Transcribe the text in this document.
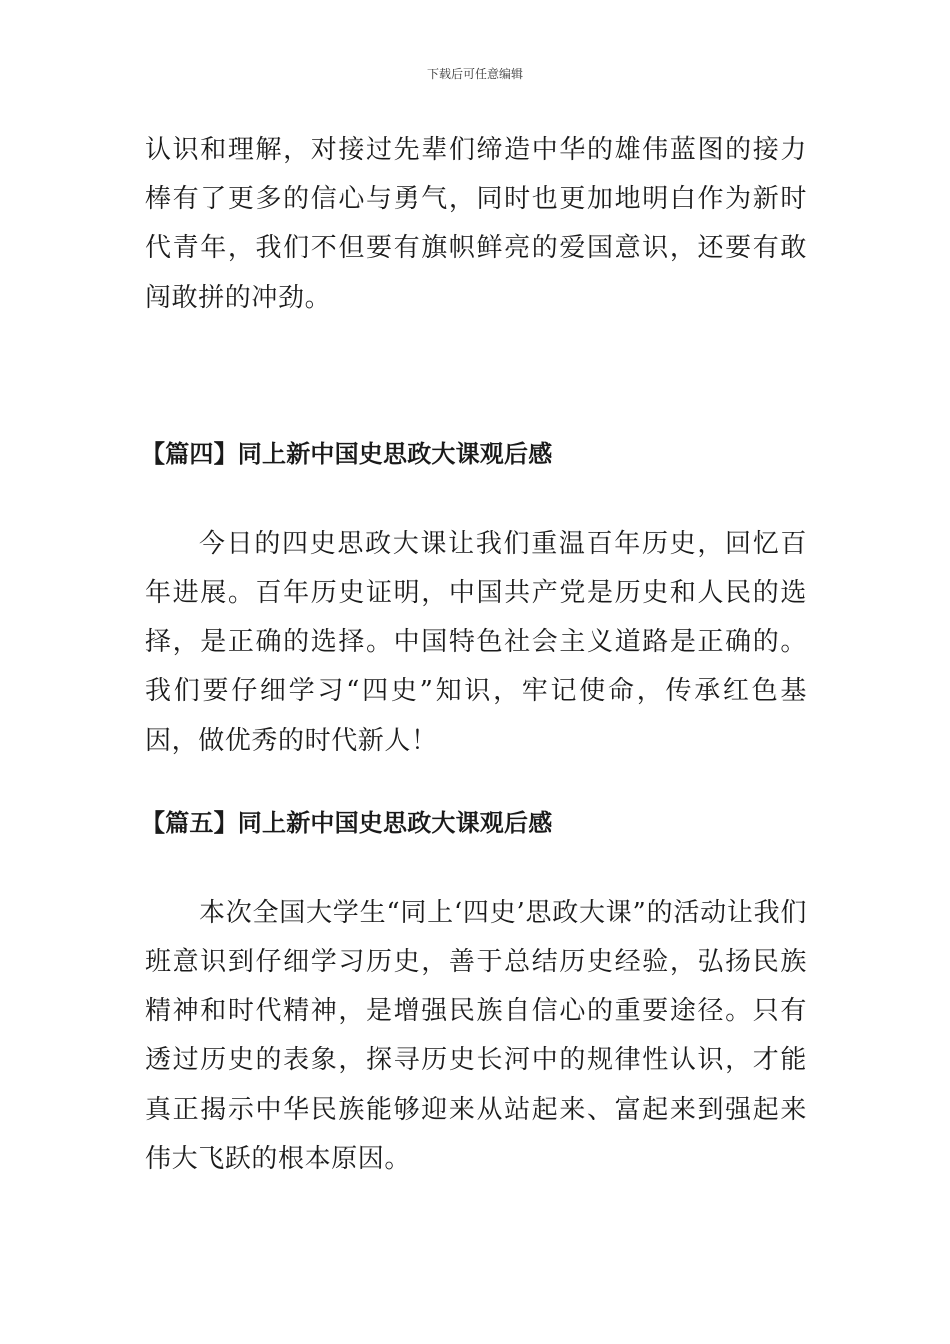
下载后可任意编辑

认识和理解，对接过先辈们缔造中华的雄伟蓝图的接力棒有了更多的信心与勇气，同时也更加地明白作为新时代青年，我们不但要有旗帜鲜亮的爱国意识，还要有敢闯敢拼的冲劲。

【篇四】同上新中国史思政大课观后感

今日的四史思政大课让我们重温百年历史，回忆百年进展。百年历史证明，中国共产党是历史和人民的选择，是正确的选择。中国特色社会主义道路是正确的。我们要仔细学习“四史”知识，牢记使命，传承红色基因，做优秀的时代新人！

【篇五】同上新中国史思政大课观后感

本次全国大学生“同上‘四史’思政大课”的活动让我们班意识到仔细学习历史，善于总结历史经验，弘扬民族精神和时代精神，是增强民族自信心的重要途径。只有透过历史的表象，探寻历史长河中的规律性认识，才能真正揭示中华民族能够迎来从站起来、富起来到强起来伟大飞跃的根本原因。
